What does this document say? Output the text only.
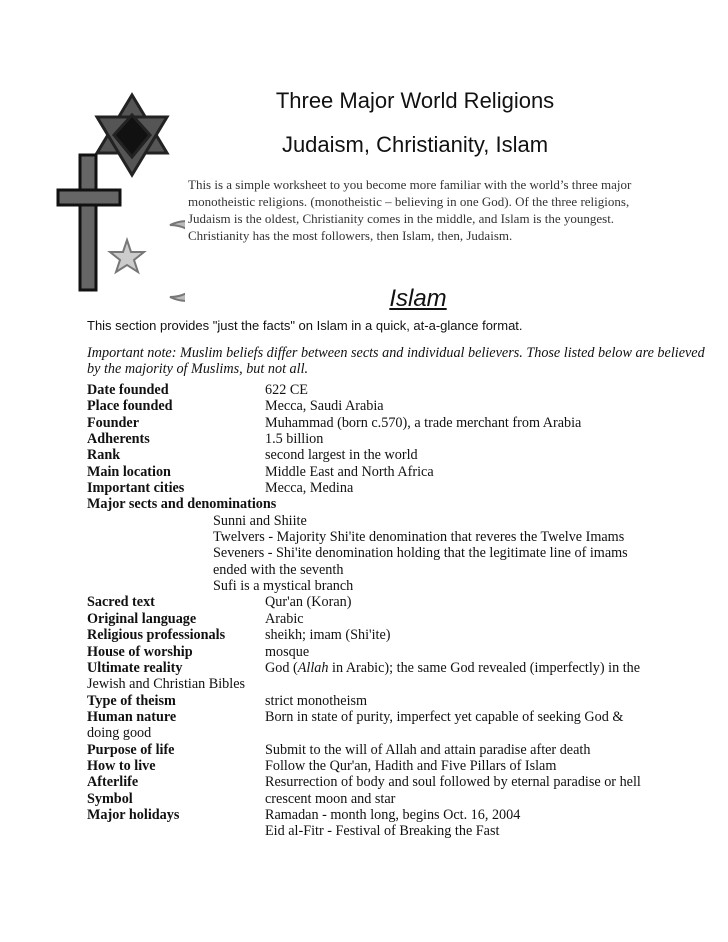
Three Major World Religions
Judaism, Christianity, Islam
This is a simple worksheet to you become more familiar with the world’s three major
monotheistic religions. (monotheistic – believing in one God). Of the three religions,
Judaism is the oldest, Christianity comes in the middle, and Islam is the youngest.
Christianity has the most followers, then Islam, then, Judaism.
Islam
This section provides "just the facts" on Islam in a quick, at-a-glance format.
Important note: Muslim beliefs differ between sects and individual believers. Those listed below are believed by the majority of Muslims, but not all.
Date founded	622 CE
Place founded	Mecca, Saudi Arabia
Founder	Muhammad (born c.570), a trade merchant from Arabia
Adherents	1.5 billion
Rank	second largest in the world
Main location	Middle East and North Africa
Important cities	Mecca, Medina
Major sects and denominations
Sunni and Shiite
Twelvers - Majority Shi'ite denomination that reveres the Twelve Imams
Seveners - Shi'ite denomination holding that the legitimate line of imams
ended with the seventh
Sufi is a mystical branch
Sacred text	Qur'an (Koran)
Original language	Arabic
Religious professionals	sheikh; imam (Shi'ite)
House of worship	mosque
Ultimate reality	God (Allah in Arabic); the same God revealed (imperfectly) in the
Jewish and Christian Bibles
Type of theism	strict monotheism
Human nature	Born in state of purity, imperfect yet capable of seeking God &
doing good
Purpose of life	Submit to the will of Allah and attain paradise after death
How to live	Follow the Qur'an, Hadith and Five Pillars of Islam
Afterlife	Resurrection of body and soul followed by eternal paradise or hell
Symbol	crescent moon and star
Major holidays	Ramadan - month long, begins Oct. 16, 2004
Eid al-Fitr - Festival of Breaking the Fast
